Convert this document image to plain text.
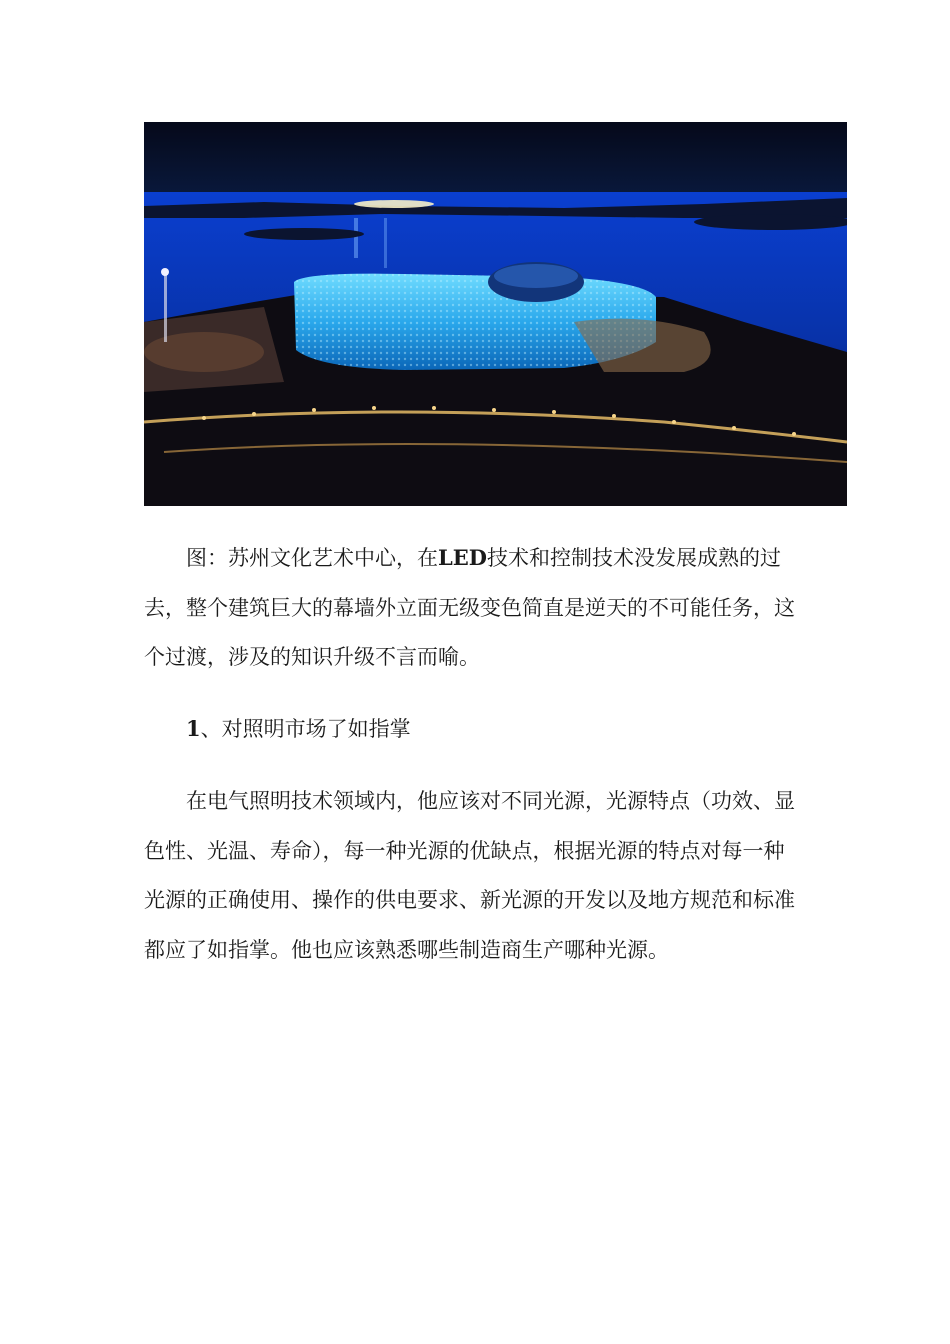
图：苏州文化艺术中心，在LED技术和控制技术没发展成熟的过
去，整个建筑巨大的幕墙外立面无级变色简直是逆天的不可能任务，这
个过渡，涉及的知识升级不言而喻。

1、对照明市场了如指掌

在电气照明技术领域内，他应该对不同光源，光源特点（功效、显
色性、光温、寿命），每一种光源的优缺点，根据光源的特点对每一种
光源的正确使用、操作的供电要求、新光源的开发以及地方规范和标准
都应了如指掌。他也应该熟悉哪些制造商生产哪种光源。
